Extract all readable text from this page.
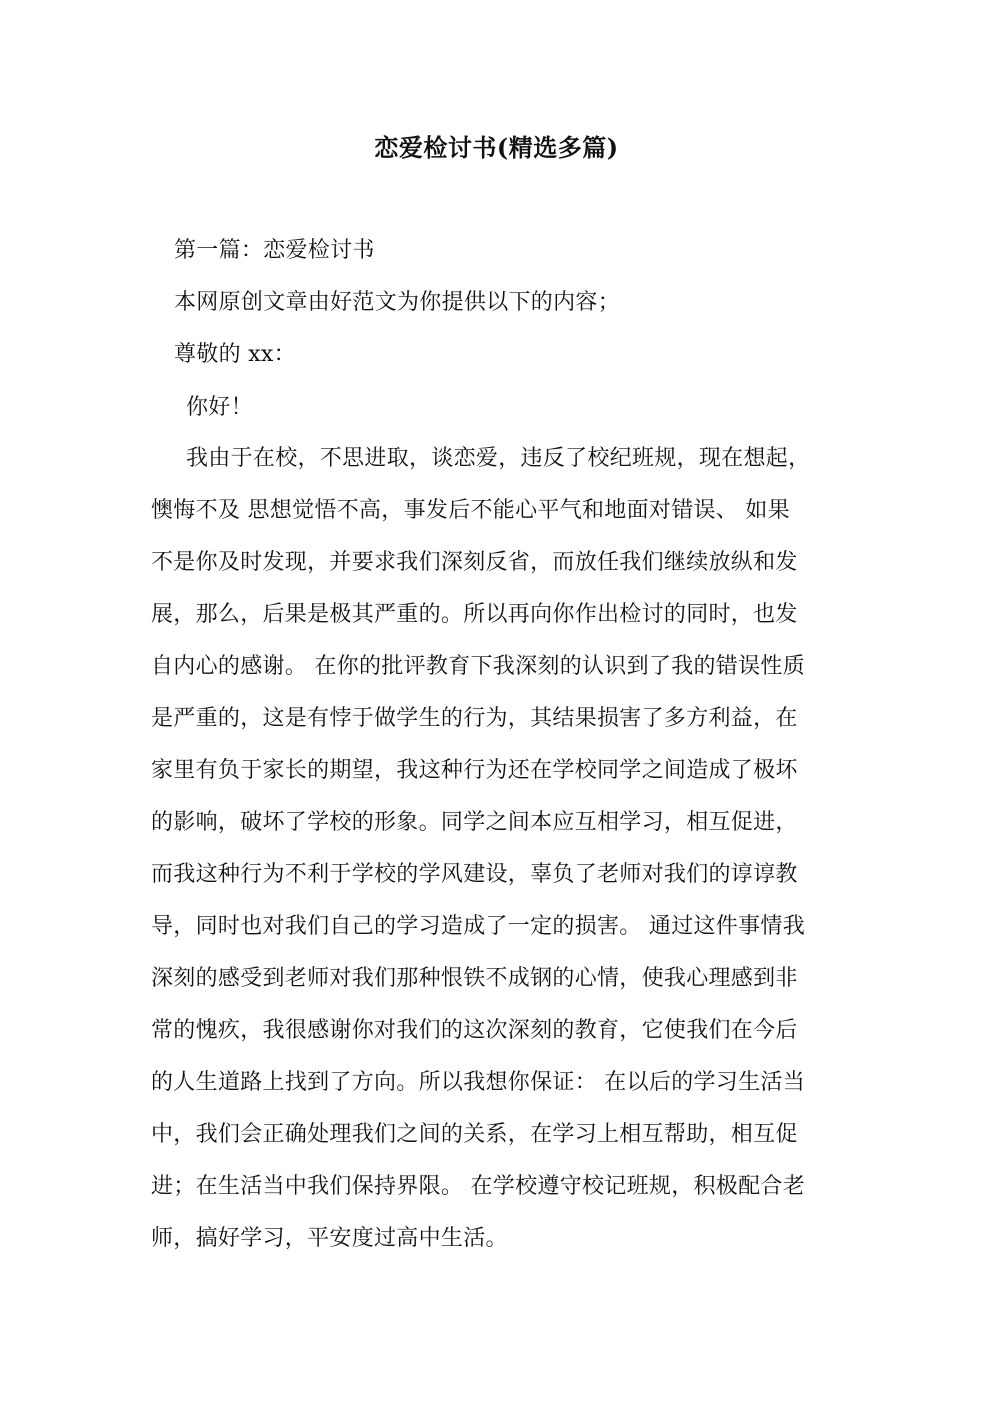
恋爱检讨书(精选多篇)
第一篇：恋爱检讨书
本网原创文章由好范文为你提供以下的内容；
尊敬的 xx：
你好！
我由于在校，不思进取，谈恋爱，违反了校纪班规，现在想起，
懊悔不及 思想觉悟不高，事发后不能心平气和地面对错误、 如果
不是你及时发现，并要求我们深刻反省，而放任我们继续放纵和发
展，那么，后果是极其严重的。所以再向你作出检讨的同时，也发
自内心的感谢。 在你的批评教育下我深刻的认识到了我的错误性质
是严重的，这是有悖于做学生的行为，其结果损害了多方利益，在
家里有负于家长的期望，我这种行为还在学校同学之间造成了极坏
的影响，破坏了学校的形象。同学之间本应互相学习，相互促进，
而我这种行为不利于学校的学风建设，辜负了老师对我们的谆谆教
导，同时也对我们自己的学习造成了一定的损害。 通过这件事情我
深刻的感受到老师对我们那种恨铁不成钢的心情，使我心理感到非
常的愧疚，我很感谢你对我们的这次深刻的教育，它使我们在今后
的人生道路上找到了方向。所以我想你保证： 在以后的学习生活当
中，我们会正确处理我们之间的关系，在学习上相互帮助，相互促
进；在生活当中我们保持界限。 在学校遵守校记班规，积极配合老
师，搞好学习，平安度过高中生活。
